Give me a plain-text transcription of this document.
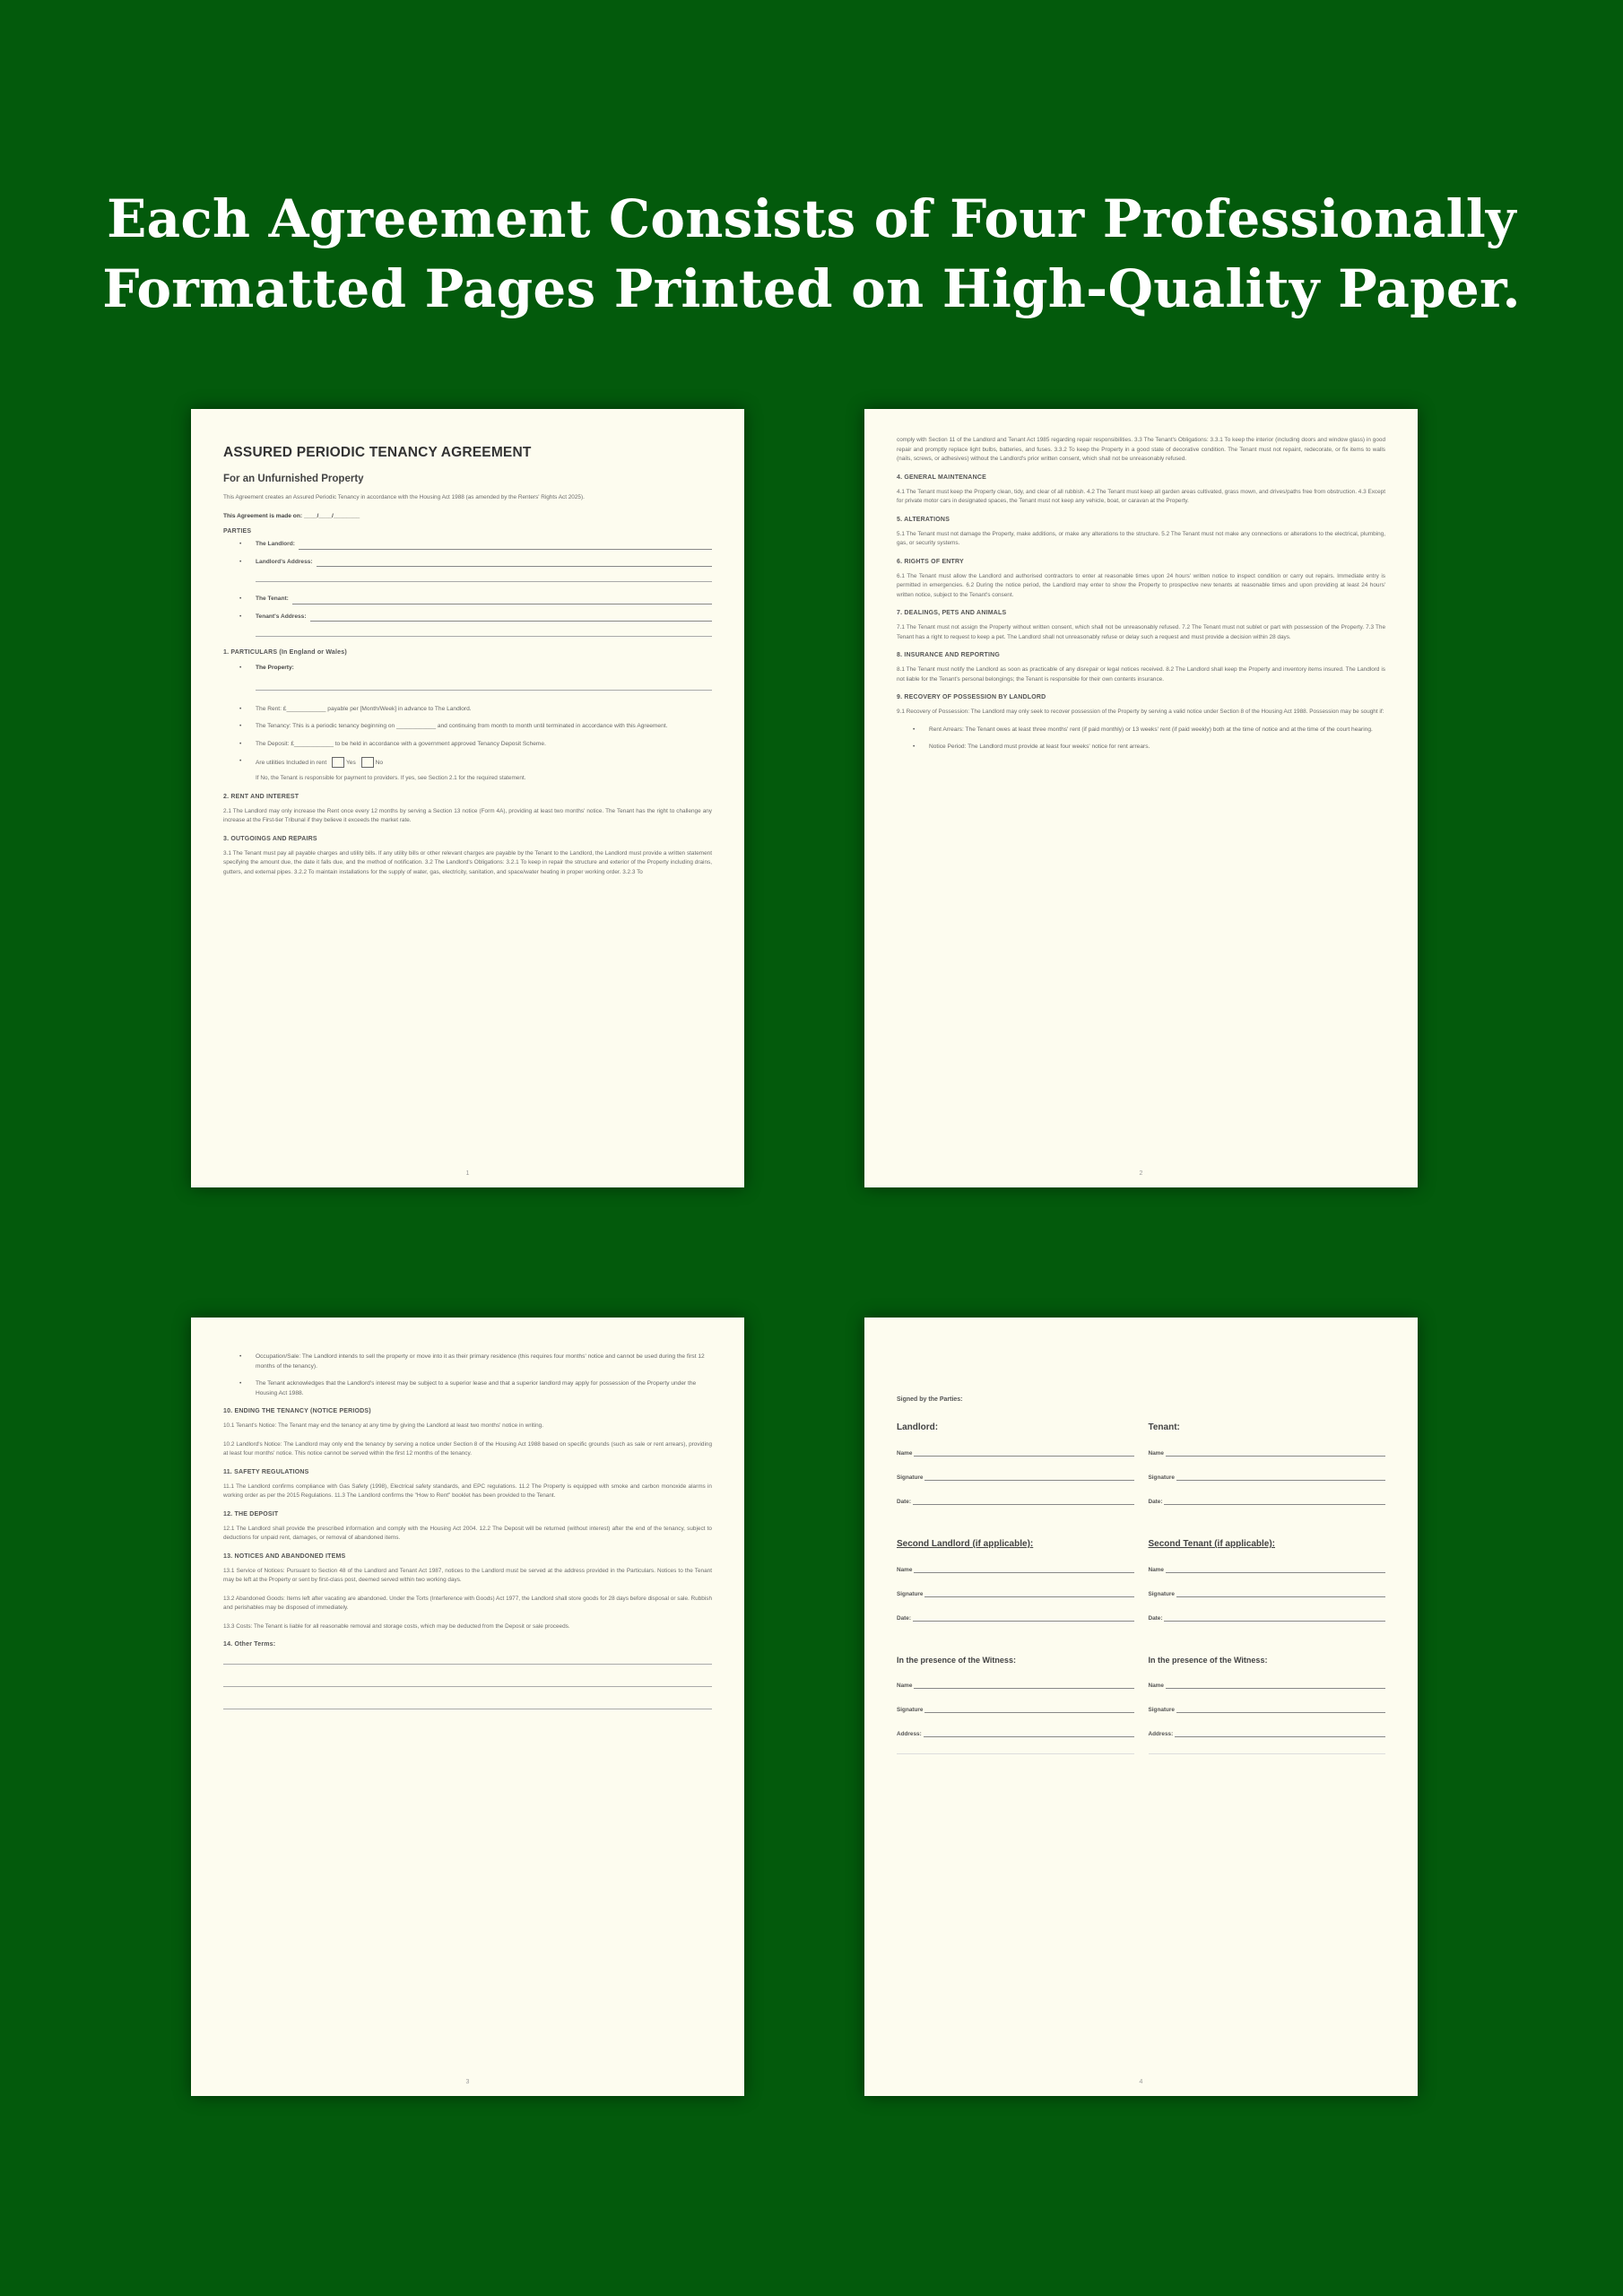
Each Agreement Consists of Four Professionally
Formatted Pages Printed on High-Quality Paper.
ASSURED PERIODIC TENANCY AGREEMENT
For an Unfurnished Property

This Agreement creates an Assured Periodic Tenancy in accordance with the Housing Act 1988 (as amended by the Renters' Rights Act 2025).

This Agreement is made on: ____/____/________

PARTIES
• The Landlord:
• Landlord's Address:
• The Tenant:
• Tenant's Address:
1. PARTICULARS (In England or Wales)
• The Property:
• The Rent: £____________ payable per [Month/Week] in advance to The Landlord.
• The Tenancy: This is a periodic tenancy beginning on ____________ and continuing from month to month until terminated in accordance with this Agreement.
• The Deposit: £____________ to be held in accordance with a government approved Tenancy Deposit Scheme.
• Are utilities Included in rent	Yes	No

If No, the Tenant is responsible for payment to providers. If yes, see Section 2.1 for the required statement.

2. RENT AND INTEREST

2.1 The Landlord may only increase the Rent once every 12 months by serving a Section 13 notice (Form 4A), providing at least two months' notice. The Tenant has the right to challenge any increase at the First-tier Tribunal if they believe it exceeds the market rate.

3. OUTGOINGS AND REPAIRS

3.1 The Tenant must pay all payable charges and utility bills. If any utility bills or other relevant charges are payable by the Tenant to the Landlord, the Landlord must provide a written statement specifying the amount due, the date it falls due, and the method of notification. 3.2 The Landlord's Obligations: 3.2.1 To keep in repair the structure and exterior of the Property including drains, gutters, and external pipes. 3.2.2 To maintain installations for the supply of water, gas, electricity, sanitation, and space/water heating in proper working order. 3.2.3 To

1

comply with Section 11 of the Landlord and Tenant Act 1985 regarding repair responsibilities. 3.3 The Tenant's Obligations: 3.3.1 To keep the interior (including doors and window glass) in good repair and promptly replace light bulbs, batteries, and fuses. 3.3.2 To keep the Property in a good state of decorative condition. The Tenant must not repaint, redecorate, or fix items to walls (nails, screws, or adhesives) without the Landlord's prior written consent, which shall not be unreasonably refused.

4. GENERAL MAINTENANCE

4.1 The Tenant must keep the Property clean, tidy, and clear of all rubbish. 4.2 The Tenant must keep all garden areas cultivated, grass mown, and drives/paths free from obstruction. 4.3 Except for private motor cars in designated spaces, the Tenant must not keep any vehicle, boat, or caravan at the Property.

5. ALTERATIONS

5.1 The Tenant must not damage the Property, make additions, or make any alterations to the structure. 5.2 The Tenant must not make any connections or alterations to the electrical, plumbing, gas, or security systems.

6. RIGHTS OF ENTRY

6.1 The Tenant must allow the Landlord and authorised contractors to enter at reasonable times upon 24 hours' written notice to inspect condition or carry out repairs. Immediate entry is permitted in emergencies. 6.2 During the notice period, the Landlord may enter to show the Property to prospective new tenants at reasonable times and upon providing at least 24 hours' written notice, subject to the Tenant's consent.

7. DEALINGS, PETS AND ANIMALS

7.1 The Tenant must not assign the Property without written consent, which shall not be unreasonably refused. 7.2 The Tenant must not sublet or part with possession of the Property. 7.3 The Tenant has a right to request to keep a pet. The Landlord shall not unreasonably refuse or delay such a request and must provide a decision within 28 days.

8. INSURANCE AND REPORTING

8.1 The Tenant must notify the Landlord as soon as practicable of any disrepair or legal notices received. 8.2 The Landlord shall keep the Property and inventory items insured. The Landlord is not liable for the Tenant's personal belongings; the Tenant is responsible for their own contents insurance.

9. RECOVERY OF POSSESSION BY LANDLORD

9.1 Recovery of Possession: The Landlord may only seek to recover possession of the Property by serving a valid notice under Section 8 of the Housing Act 1988. Possession may be sought if:

• Rent Arrears: The Tenant owes at least three months' rent (if paid monthly) or 13 weeks' rent (if paid weekly) both at the time of notice and at the time of the court hearing.
• Notice Period: The Landlord must provide at least four weeks' notice for rent arrears.
2
• Occupation/Sale: The Landlord intends to sell the property or move into it as their primary residence (this requires four months' notice and cannot be used during the first 12 months of the tenancy).
• The Tenant acknowledges that the Landlord's interest may be subject to a superior lease and that a superior landlord may apply for possession of the Property under the Housing Act 1988.
10. ENDING THE TENANCY (NOTICE PERIODS)

10.1 Tenant's Notice: The Tenant may end the tenancy at any time by giving the Landlord at least two months' notice in writing.

10.2 Landlord's Notice: The Landlord may only end the tenancy by serving a notice under Section 8 of the Housing Act 1988 based on specific grounds (such as sale or rent arrears), providing at least four months' notice. This notice cannot be served within the first 12 months of the tenancy.

11. SAFETY REGULATIONS

11.1 The Landlord confirms compliance with Gas Safety (1998), Electrical safety standards, and EPC regulations. 11.2 The Property is equipped with smoke and carbon monoxide alarms in working order as per the 2015 Regulations. 11.3 The Landlord confirms the "How to Rent" booklet has been provided to the Tenant.

12. THE DEPOSIT

12.1 The Landlord shall provide the prescribed information and comply with the Housing Act 2004. 12.2 The Deposit will be returned (without interest) after the end of the tenancy, subject to deductions for unpaid rent, damages, or removal of abandoned items.

13. NOTICES AND ABANDONED ITEMS

13.1 Service of Notices: Pursuant to Section 48 of the Landlord and Tenant Act 1987, notices to the Landlord must be served at the address provided in the Particulars. Notices to the Tenant may be left at the Property or sent by first-class post, deemed served within two working days.

13.2 Abandoned Goods: Items left after vacating are abandoned. Under the Torts (Interference with Goods) Act 1977, the Landlord shall store goods for 28 days before disposal or sale. Rubbish and perishables may be disposed of immediately.

13.3 Costs: The Tenant is liable for all reasonable removal and storage costs, which may be deducted from the Deposit or sale proceeds.

14. Other Terms:
3
Signed by the Parties:
Landlord:
Name
Signature
Date:
Tenant:
Name
Signature
Date:
Second Landlord (if applicable):
Name
Signature
Date:
Second Tenant (if applicable):
Name
Signature
Date:
In the presence of the Witness:
Name
Signature
Address:
In the presence of the Witness:
Name
Signature
Address:
4
